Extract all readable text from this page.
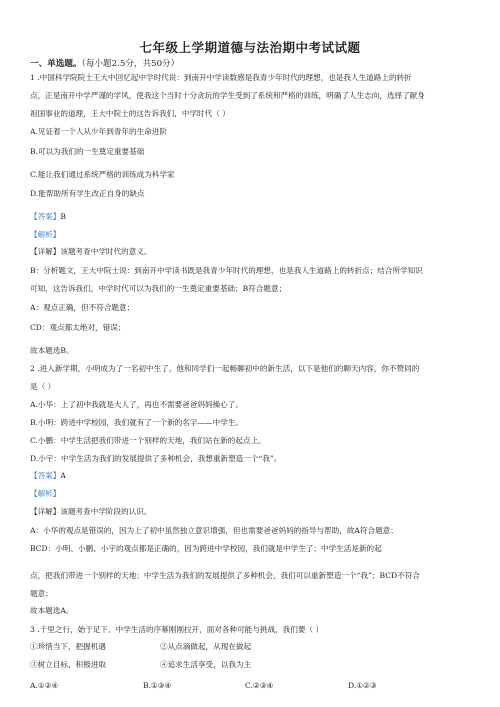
七年级上学期道德与法治期中考试试题
一、单选题。（每小题2.5分，共50分）
1 .中国科学院院士王大中回忆起中学时代说：到南开中学读数感是我青少年时代的理想，也是我人生道路上的转折
点，正是南开中学严谨的学风，使我这个当时十分贪玩的学生受到了系统和严格的训练，明确了人生志向，选择了献身
祖国事业的道理，王大中院士的这告诉我们，中学时代（ ）
A.见证着一个人从少年到青年的生命进阶
B.可以为我们的一生奠定重要基础
C.能让我们通过系统严格的训练成为科学家
D.能帮助所有学生改正自身的缺点
【答案】B
【解析】
【详解】该题考查中学时代的意义。
B：分析题文，王大中院士说：到南开中学读书既是我青少年时代的理想，也是我人生道路上的转折点；结合所学知识
可知，这告诉我们，中学时代可以为我们的一生奠定重要基础；B符合题意；
A：观点正确，但不符合题意；
CD：观点都太绝对，错误；
故本题选B。
2 .进入新学期，小明成为了一名初中生了，他和同学们一起畅聊初中的新生活，以下是他们的聊天内容，你不赞同的
是（ ）
A.小华：上了初中我就是大人了，再也不需要爸爸妈妈操心了。
B.小明：跨进中学校园，我们就有了一个新的名字——中学生。
C.小鹏：中学生活把我们带进一个别样的天地，我们站在新的起点上。
D.小宇：中学生活为我们的发展提供了多种机会，我想重新塑造一个“我”。
【答案】A
【解析】
【详解】该题考查中学阶段的认识。
A：小华的观点是错误的，因为上了初中虽然独立意识增强，但也需要爸爸妈妈的指导与帮助，故A符合题意；
BCD：小明、小鹏、小宇的观点都是正确的，因为跨进中学校园，我们就是中学生了；中学生活是新的起
点，把我们带进一个别样的天地；中学生活为我们的发展提供了多种机会，我们可以重新塑造一个“我”；BCD不符合
题意；
故本题选A。
3 .千里之行，始于足下。中学生活的序幕刚刚拉开，面对各种可能与挑战，我们要（ ）
①珍惜当下，把握机遇	②从点滴做起，从现在做起
③树立目标，积极进取	④追求生活享受，以我为主
A.①②④	B.①③④	C.②③④	D.①②③
